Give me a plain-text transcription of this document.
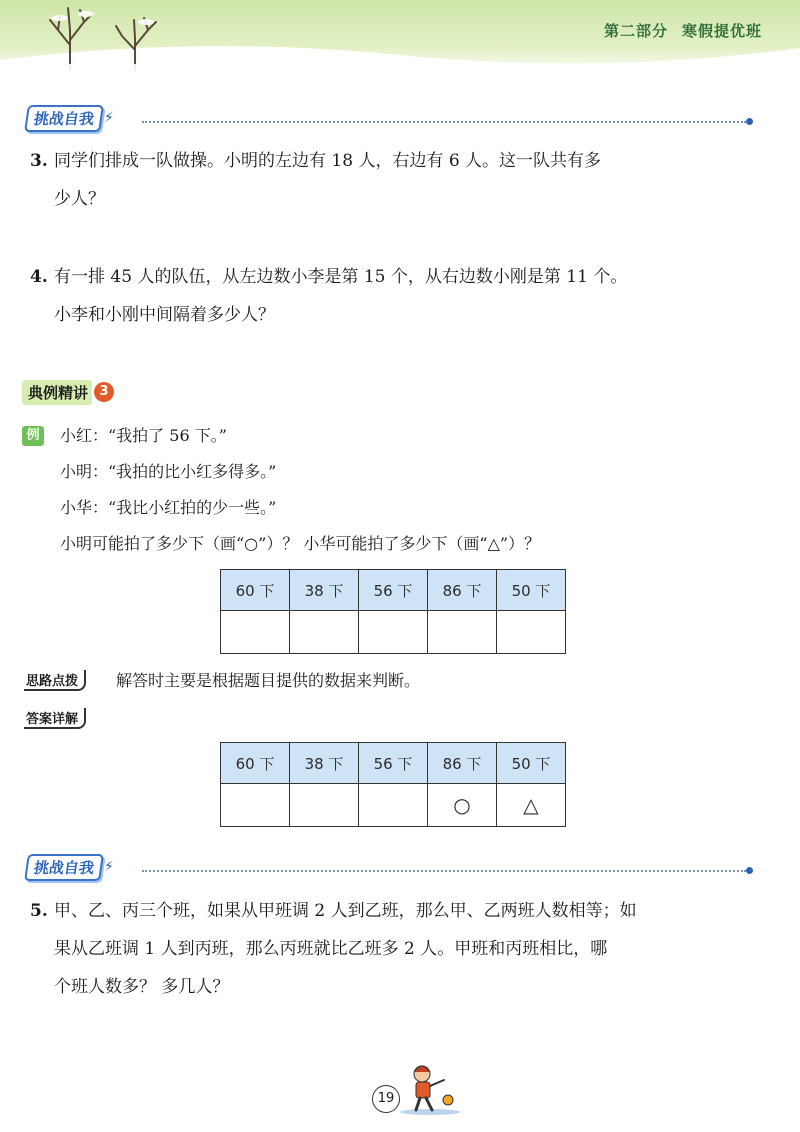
第二部分 寒假提优班
挑战自我 ⚡
3. 同学们排成一队做操。小明的左边有 18 人，右边有 6 人。这一队共有多
少人？
4. 有一排 45 人的队伍，从左边数小李是第 15 个，从右边数小刚是第 11 个。
小李和小刚中间隔着多少人？
典例精讲 3
例 小红：“我拍了 56 下。”
小明：“我拍的比小红多得多。”
小华：“我比小红拍的少一些。”
小明可能拍了多少下（画“○”）？ 小华可能拍了多少下（画“△”）？
60 下	38 下	56 下	86 下	50 下

思路点拨	解答时主要是根据题目提供的数据来判断。
答案详解
60 下	38 下	56 下	86 下	50 下
			○	△
挑战自我 ⚡
5. 甲、乙、丙三个班，如果从甲班调 2 人到乙班，那么甲、乙两班人数相等；如
果从乙班调 1 人到丙班，那么丙班就比乙班多 2 人。甲班和丙班相比，哪
个班人数多？ 多几人？
19
